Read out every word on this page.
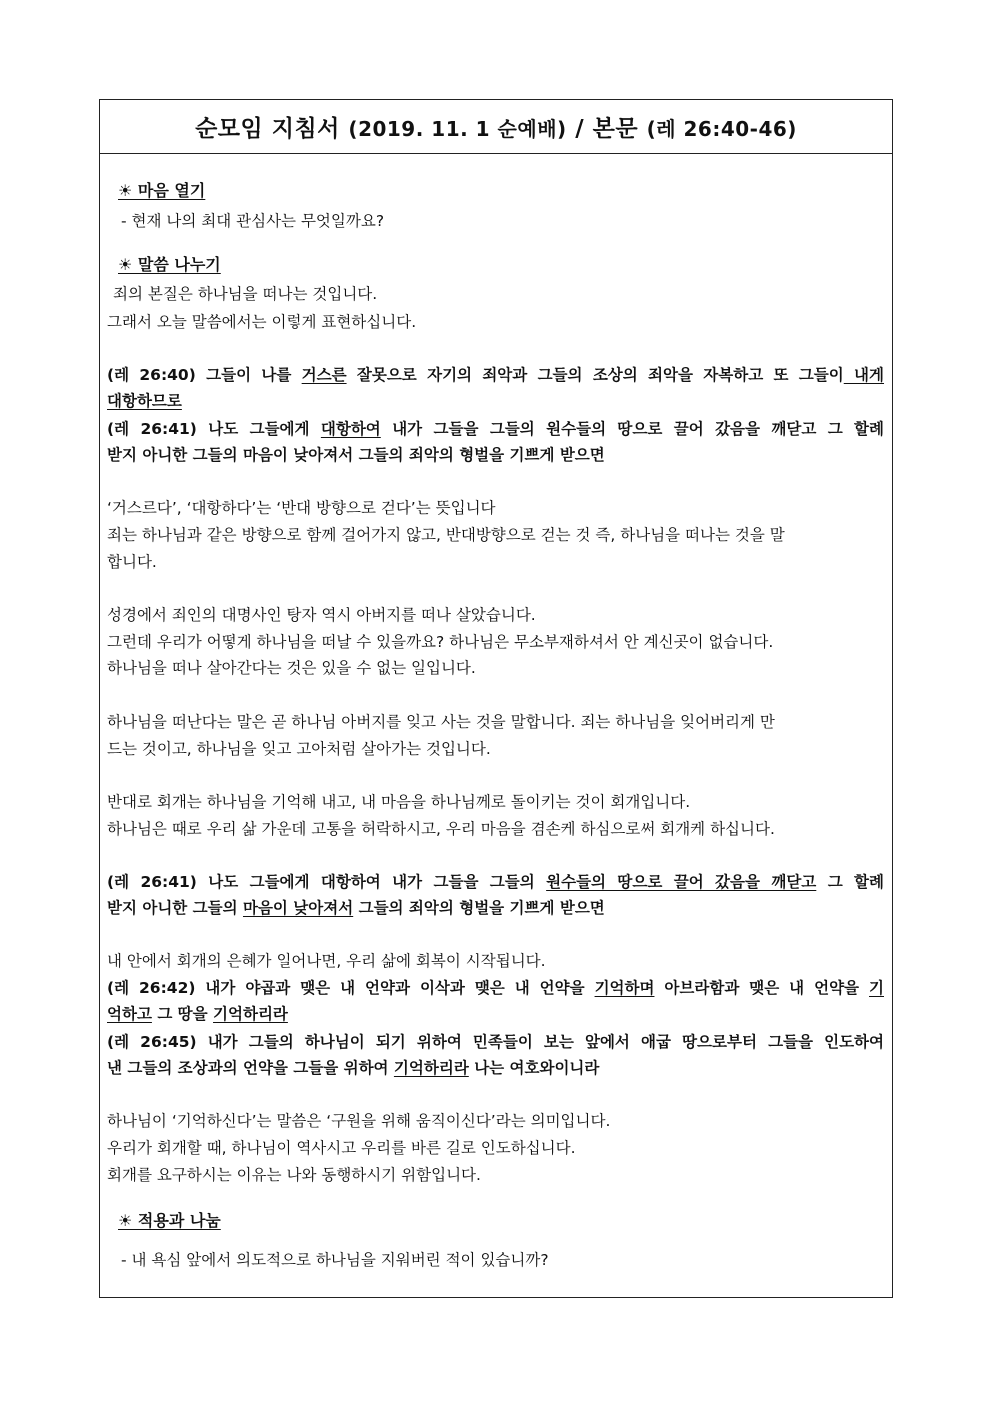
순모임 지침서 (2019. 11. 1 순예배) / 본문 (레 26:40-46)
☀ 마음 열기
- 현재 나의 최대 관심사는 무엇일까요?
☀ 말씀 나누기
죄의 본질은 하나님을 떠나는 것입니다.
그래서 오늘 말씀에서는 이렇게 표현하십니다.
(레 26:40) 그들이 나를 거스른 잘못으로 자기의 죄악과 그들의 조상의 죄악을 자복하고 또 그들이 내게
대항하므로
(레 26:41) 나도 그들에게 대항하여 내가 그들을 그들의 원수들의 땅으로 끌어 갔음을 깨닫고 그 할례
받지 아니한 그들의 마음이 낮아져서 그들의 죄악의 형벌을 기쁘게 받으면
‘거스르다’, ‘대항하다’는 ‘반대 방향으로 걷다’는 뜻입니다
죄는 하나님과 같은 방향으로 함께 걸어가지 않고, 반대방향으로 걷는 것 즉, 하나님을 떠나는 것을 말
합니다.
성경에서 죄인의 대명사인 탕자 역시 아버지를 떠나 살았습니다.
그런데 우리가 어떻게 하나님을 떠날 수 있을까요? 하나님은 무소부재하셔서 안 계신곳이 없습니다.
하나님을 떠나 살아간다는 것은 있을 수 없는 일입니다.
하나님을 떠난다는 말은 곧 하나님 아버지를 잊고 사는 것을 말합니다. 죄는 하나님을 잊어버리게 만
드는 것이고, 하나님을 잊고 고아처럼 살아가는 것입니다.
반대로 회개는 하나님을 기억해 내고, 내 마음을 하나님께로 돌이키는 것이 회개입니다.
하나님은 때로 우리 삶 가운데 고통을 허락하시고, 우리 마음을 겸손케 하심으로써 회개케 하십니다.
(레 26:41) 나도 그들에게 대항하여 내가 그들을 그들의 원수들의 땅으로 끌어 갔음을 깨닫고 그 할례
받지 아니한 그들의 마음이 낮아져서 그들의 죄악의 형벌을 기쁘게 받으면
내 안에서 회개의 은혜가 일어나면, 우리 삶에 회복이 시작됩니다.
(레 26:42) 내가 야곱과 맺은 내 언약과 이삭과 맺은 내 언약을 기억하며 아브라함과 맺은 내 언약을 기
억하고 그 땅을 기억하리라
(레 26:45) 내가 그들의 하나님이 되기 위하여 민족들이 보는 앞에서 애굽 땅으로부터 그들을 인도하여
낸 그들의 조상과의 언약을 그들을 위하여 기억하리라 나는 여호와이니라
하나님이 ‘기억하신다’는 말씀은 ‘구원을 위해 움직이신다’라는 의미입니다.
우리가 회개할 때, 하나님이 역사시고 우리를 바른 길로 인도하십니다.
회개를 요구하시는 이유는 나와 동행하시기 위함입니다.
☀ 적용과 나눔
- 내 욕심 앞에서 의도적으로 하나님을 지워버린 적이 있습니까?
